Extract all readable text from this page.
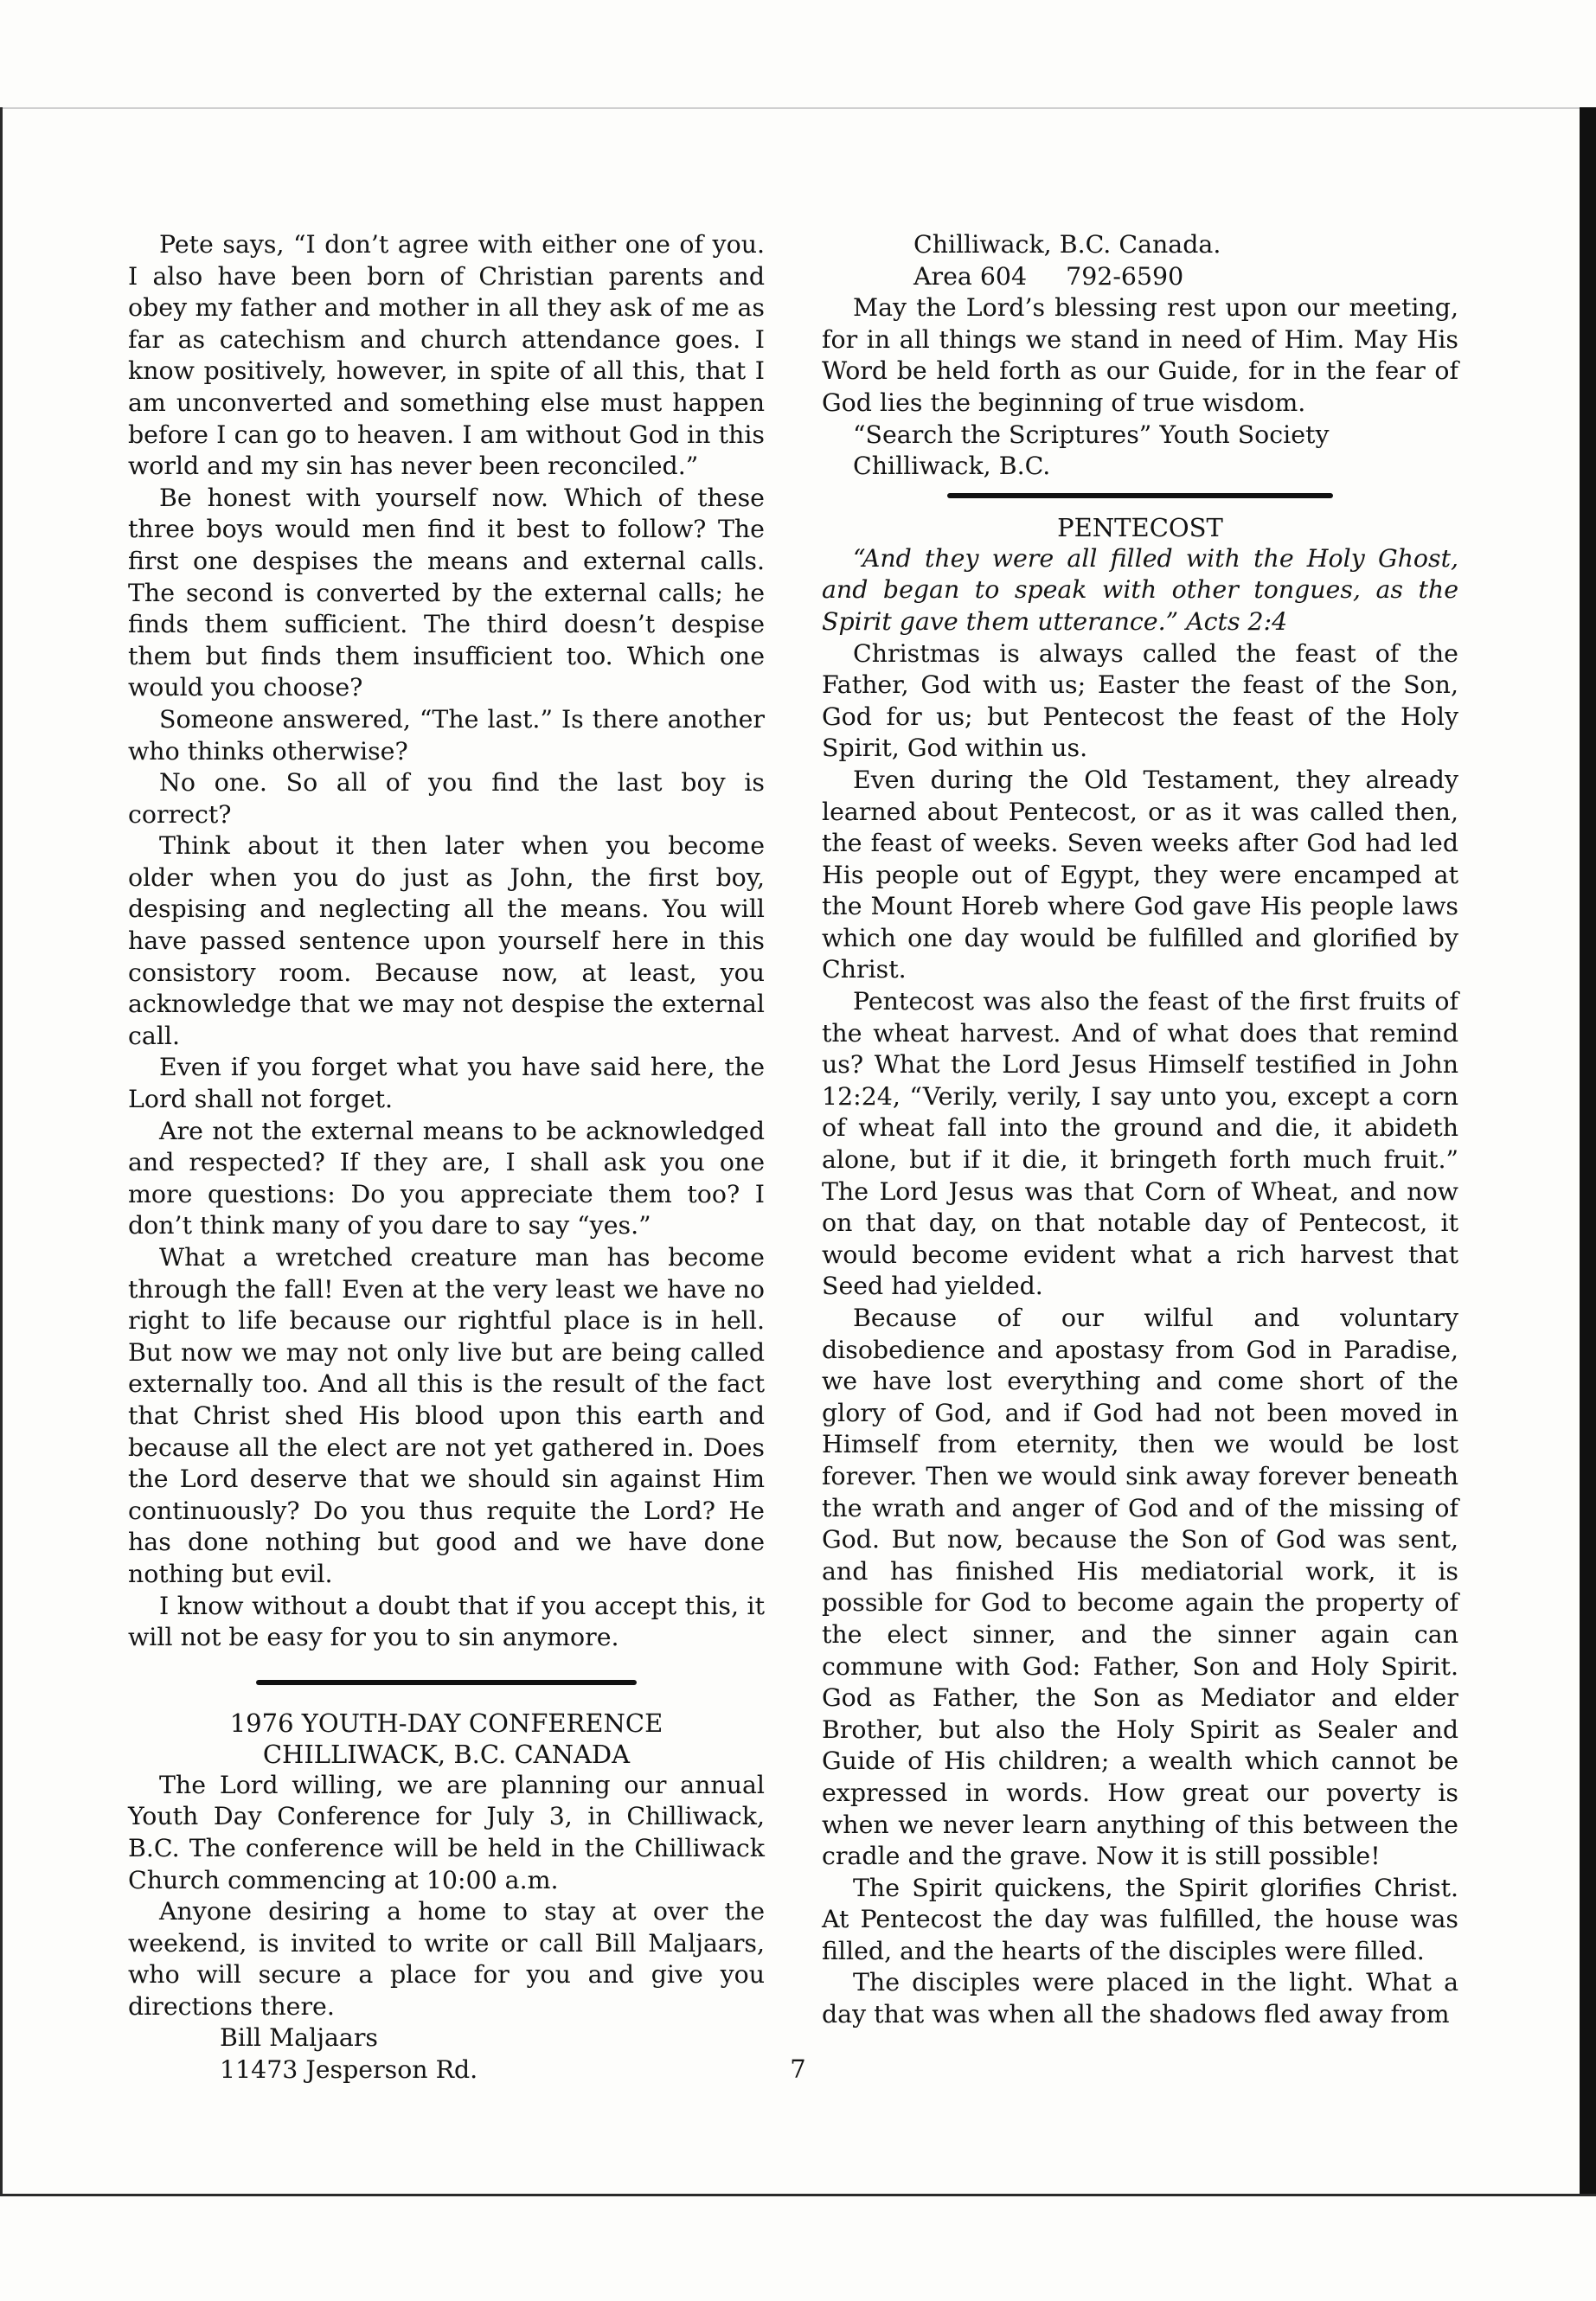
Pete says, “I don’t agree with either one of you. I also have been born of Christian parents and obey my father and mother in all they ask of me as far as catechism and church attendance goes. I know positively, however, in spite of all this, that I am unconverted and something else must happen before I can go to heaven. I am without God in this world and my sin has never been reconciled.”

Be honest with yourself now. Which of these three boys would men find it best to follow? The first one despises the means and external calls. The second is converted by the external calls; he finds them sufficient. The third doesn’t despise them but finds them insufficient too. Which one would you choose?

Someone answered, “The last.” Is there another who thinks otherwise?

No one. So all of you find the last boy is correct?

Think about it then later when you become older when you do just as John, the first boy, despising and neglecting all the means. You will have passed sentence upon yourself here in this consistory room. Because now, at least, you acknowledge that we may not despise the external call.

Even if you forget what you have said here, the Lord shall not forget.

Are not the external means to be acknowledged and respected? If they are, I shall ask you one more questions: Do you appreciate them too? I don’t think many of you dare to say “yes.”

What a wretched creature man has become through the fall! Even at the very least we have no right to life because our rightful place is in hell. But now we may not only live but are being called externally too. And all this is the result of the fact that Christ shed His blood upon this earth and because all the elect are not yet gathered in. Does the Lord deserve that we should sin against Him continuously? Do you thus requite the Lord? He has done nothing but good and we have done nothing but evil.

I know without a doubt that if you accept this, it will not be easy for you to sin anymore.

1976 YOUTH-DAY CONFERENCE
CHILLIWACK, B.C. CANADA

The Lord willing, we are planning our annual Youth Day Conference for July 3, in Chilliwack, B.C. The conference will be held in the Chilliwack Church commencing at 10:00 a.m.

Anyone desiring a home to stay at over the weekend, is invited to write or call Bill Maljaars, who will secure a place for you and give you directions there.

Bill Maljaars

11473 Jesperson Rd.

Chilliwack, B.C. Canada.

Area 604     792-6590

May the Lord’s blessing rest upon our meeting, for in all things we stand in need of Him. May His Word be held forth as our Guide, for in the fear of God lies the beginning of true wisdom.

“Search the Scriptures” Youth Society

Chilliwack, B.C.

PENTECOST

“And they were all filled with the Holy Ghost, and began to speak with other tongues, as the Spirit gave them utterance.” Acts 2:4

Christmas is always called the feast of the Father, God with us; Easter the feast of the Son, God for us; but Pentecost the feast of the Holy Spirit, God within us.

Even during the Old Testament, they already learned about Pentecost, or as it was called then, the feast of weeks. Seven weeks after God had led His people out of Egypt, they were encamped at the Mount Horeb where God gave His people laws which one day would be fulfilled and glorified by Christ.

Pentecost was also the feast of the first fruits of the wheat harvest. And of what does that remind us? What the Lord Jesus Himself testified in John 12:24, “Verily, verily, I say unto you, except a corn of wheat fall into the ground and die, it abideth alone, but if it die, it bringeth forth much fruit.” The Lord Jesus was that Corn of Wheat, and now on that day, on that notable day of Pentecost, it would become evident what a rich harvest that Seed had yielded.

Because of our wilful and voluntary disobedience and apostasy from God in Paradise, we have lost everything and come short of the glory of God, and if God had not been moved in Himself from eternity, then we would be lost forever. Then we would sink away forever beneath the wrath and anger of God and of the missing of God. But now, because the Son of God was sent, and has finished His mediatorial work, it is possible for God to become again the property of the elect sinner, and the sinner again can commune with God: Father, Son and Holy Spirit. God as Father, the Son as Mediator and elder Brother, but also the Holy Spirit as Sealer and Guide of His children; a wealth which cannot be expressed in words. How great our poverty is when we never learn anything of this between the cradle and the grave. Now it is still possible!

The Spirit quickens, the Spirit glorifies Christ. At Pentecost the day was fulfilled, the house was filled, and the hearts of the disciples were filled.

The disciples were placed in the light. What a day that was when all the shadows fled away from

7
